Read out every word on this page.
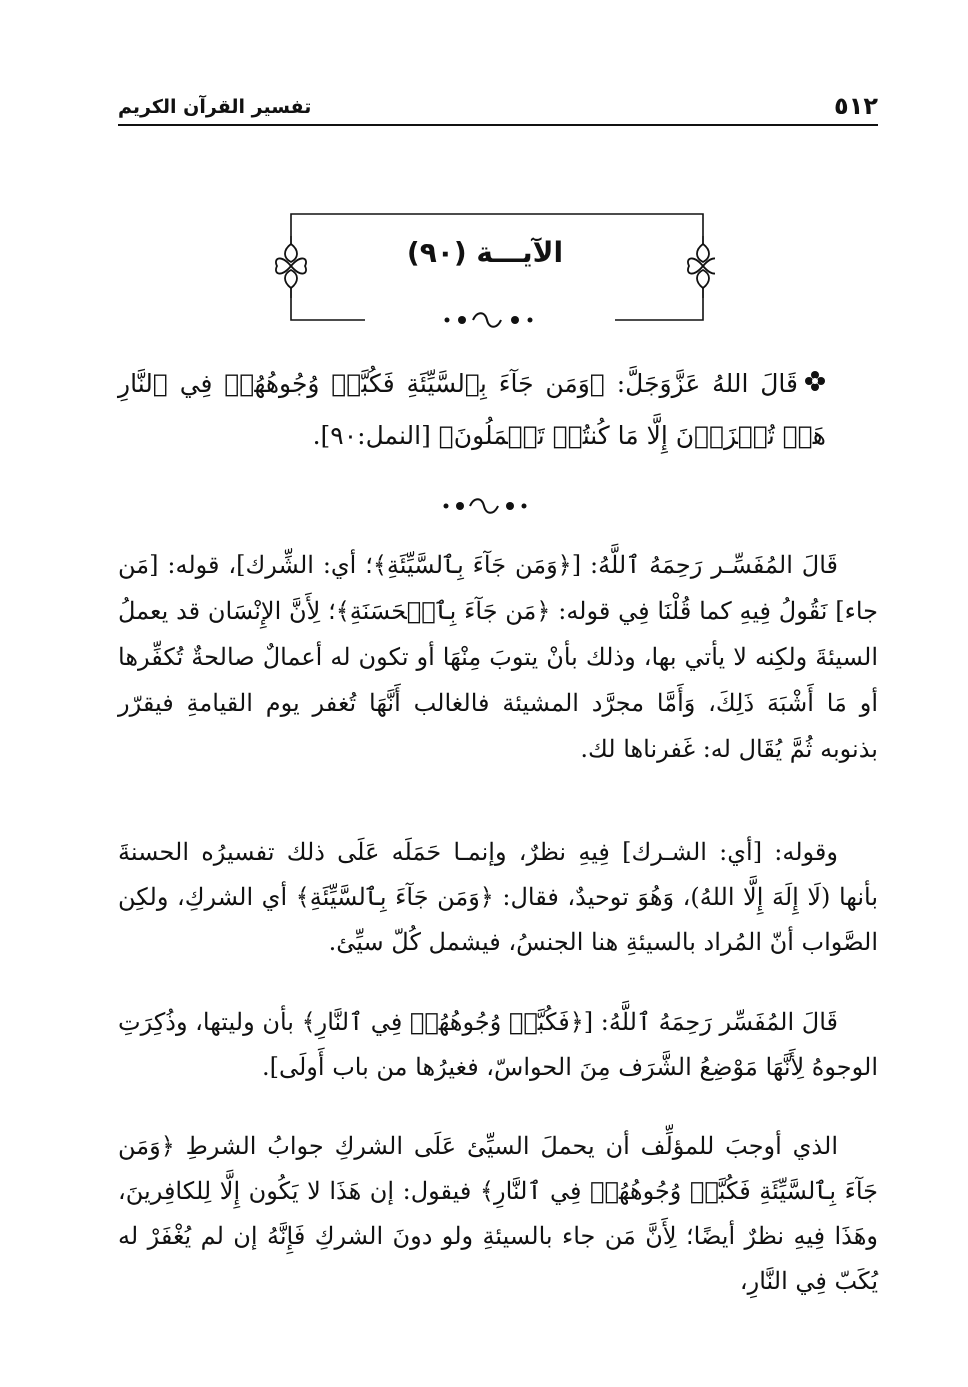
٥١٢
تفسير القرآن الكريم
الآيـــة (٩٠)
قَالَ اللهُ عَزَّوَجَلَّ: ﴿وَمَن جَآءَ بِٱلسَّيِّئَةِ فَكُبَّتۡ وُجُوهُهُمۡ فِي ٱلنَّارِ هَلۡ تُجۡزَوۡنَ إِلَّا مَا كُنتُمۡ تَعۡمَلُونَ﴾ [النمل:٩٠].

قَالَ المُفَسِّـر رَحِمَهُ ٱللَّهُ: [﴿وَمَن جَآءَ بِٱلسَّيِّئَةِ﴾؛ أي: الشِّرك]، قوله: [مَن جاء] نَقُولُ فِيهِ كما قُلْنَا فِي قوله: ﴿مَن جَآءَ بِٱلۡحَسَنَةِ﴾؛ لِأَنَّ الإِنْسَان قد يعملُ السيئةَ ولكِنه لا يأتي بها، وذلك بأنْ يتوبَ مِنْهَا أو تكون له أعمالٌ صالحةٌ تُكفِّرها أو مَا أَشْبَهَ ذَلِكَ، وَأَمَّا مجرَّد المشيئة فالغالب أَنَّهَا تُغفر يوم القيامةِ فيقرّر بذنوبه ثُمَّ يُقَال له: غَفرناها لك.

وقوله: [أي: الشـرك] فِيهِ نظرٌ، وإنمـا حَمَلَه عَلَى ذلك تفسيرُه الحسنةَ بأنها (لَا إِلَهَ إِلَّا اللهُ)، وَهُوَ توحيدٌ، فقال: ﴿وَمَن جَآءَ بِٱلسَّيِّئَةِ﴾ أي الشركِ، ولكِن الصَّواب أنّ المُراد بالسيئةِ هنا الجنسُ، فيشمل كُلّ سيِّئ.

قَالَ المُفَسِّر رَحِمَهُ ٱللَّهُ: [﴿فَكُبَّتۡ وُجُوهُهُمۡ فِي ٱلنَّارِ﴾ بأن وليتها، وذُكِرَتِ الوجوهُ لِأَنَّهَا مَوْضِعُ الشَّرَف مِنَ الحواسّ، فغيرُها من باب أَولَى].

الذي أوجبَ للمؤلِّف أن يحملَ السيِّئ عَلَى الشركِ جوابُ الشرطِ ﴿وَمَن جَآءَ بِٱلسَّيِّئَةِ فَكُبَّتۡ وُجُوهُهُمۡ فِي ٱلنَّارِ﴾ فيقول: إن هَذَا لا يَكُون إِلَّا لِلكافِرينَ، وهَذَا فِيهِ نظرٌ أيضًا؛ لِأَنَّ مَن جاء بالسيئةِ ولو دونَ الشركِ فَإِنَّهُ إن لم يُغْفَرْ له يُكَبّ فِي النَّارِ،
